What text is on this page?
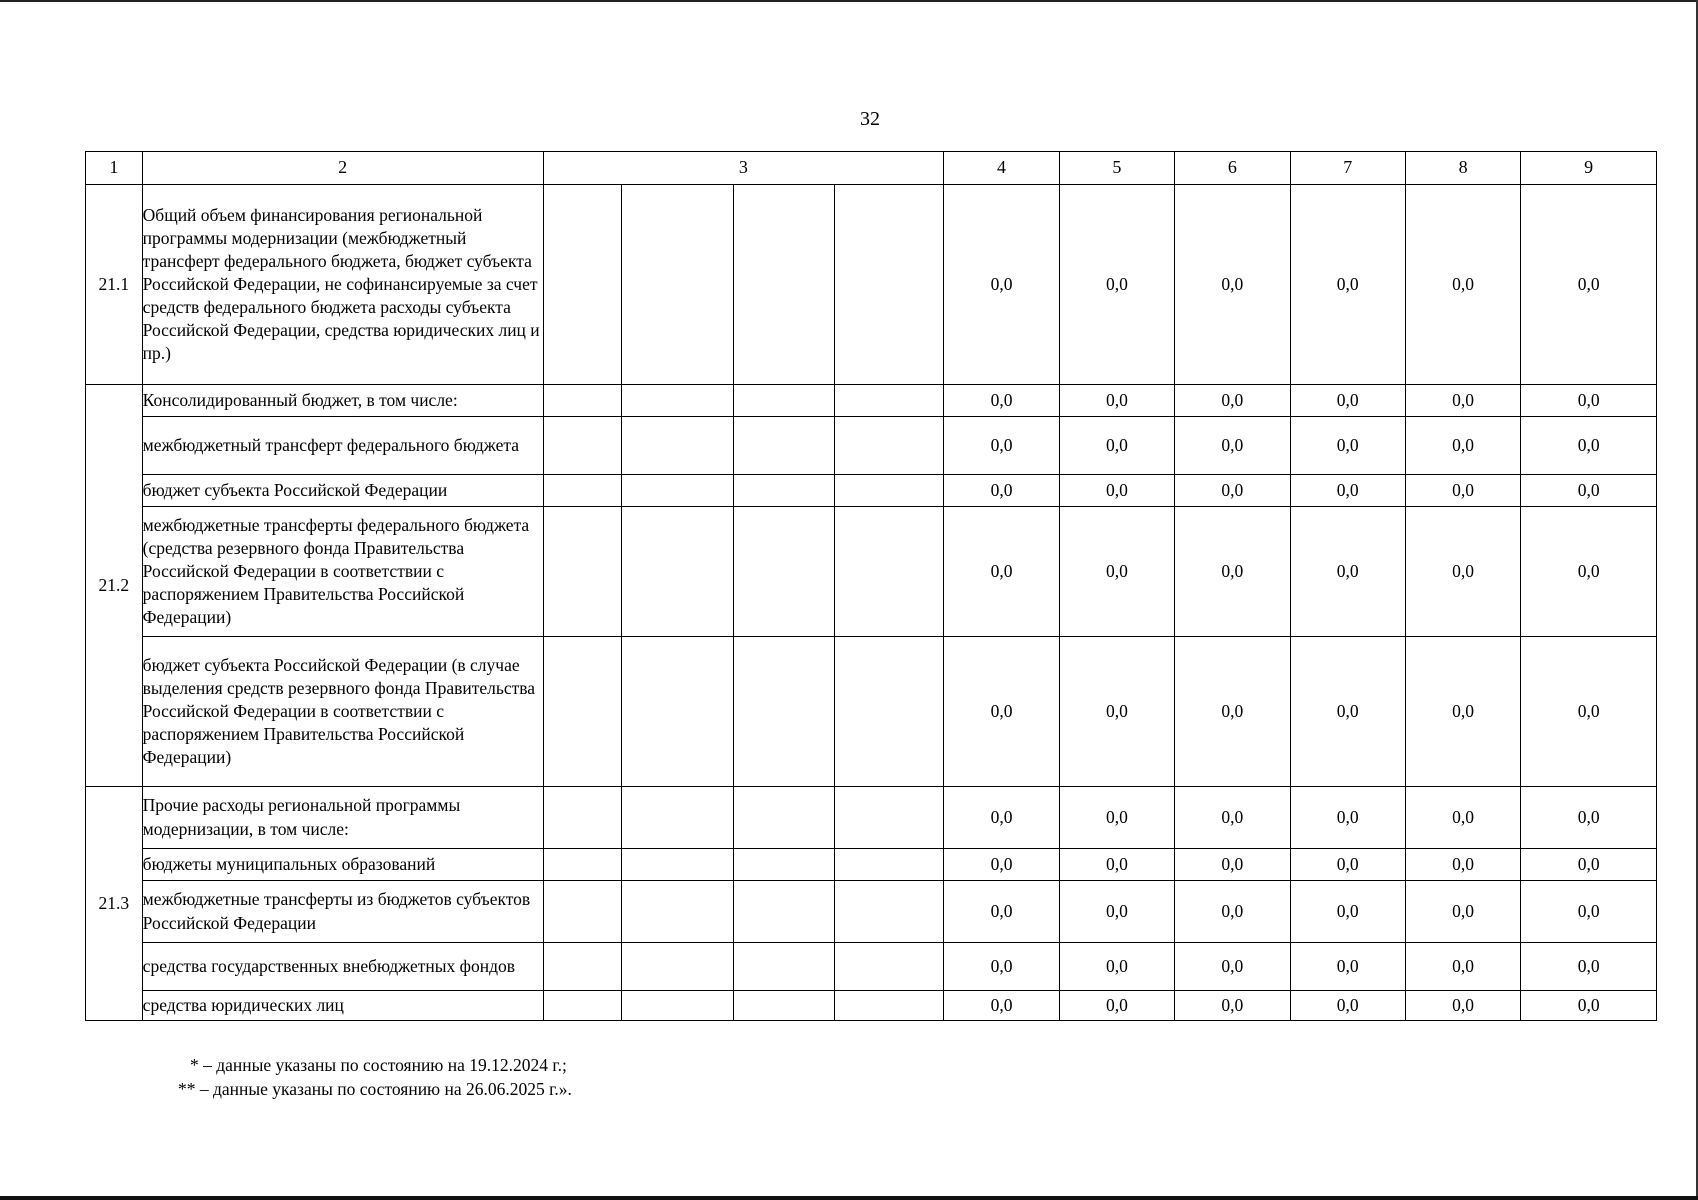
32
1	2	3				4	5	6	7	8	9
21.1	Общий объем финансирования региональной программы модернизации (межбюджетный трансферт федерального бюджета, бюджет субъекта Российской Федерации, не софинансируемые за счет средств федерального бюджета расходы субъекта Российской Федерации, средства юридических лиц и пр.)					0,0	0,0	0,0	0,0	0,0	0,0
21.2	Консолидированный бюджет, в том числе:					0,0	0,0	0,0	0,0	0,0	0,0
	межбюджетный трансферт федерального бюджета					0,0	0,0	0,0	0,0	0,0	0,0
	бюджет субъекта Российской Федерации					0,0	0,0	0,0	0,0	0,0	0,0
	межбюджетные трансферты федерального бюджета (средства резервного фонда Правительства Российской Федерации в соответствии с распоряжением Правительства Российской Федерации)					0,0	0,0	0,0	0,0	0,0	0,0
	бюджет субъекта Российской Федерации (в случае выделения средств резервного фонда Правительства Российской Федерации в соответствии с распоряжением Правительства Российской Федерации)					0,0	0,0	0,0	0,0	0,0	0,0
21.3	Прочие расходы региональной программы модернизации, в том числе:					0,0	0,0	0,0	0,0	0,0	0,0
	бюджеты муниципальных образований					0,0	0,0	0,0	0,0	0,0	0,0
	межбюджетные трансферты из бюджетов субъектов Российской Федерации					0,0	0,0	0,0	0,0	0,0	0,0
	средства государственных внебюджетных фондов					0,0	0,0	0,0	0,0	0,0	0,0
	средства юридических лиц					0,0	0,0	0,0	0,0	0,0	0,0
* – данные указаны по состоянию на 19.12.2024 г.;
** – данные указаны по состоянию на 26.06.2025 г.».
